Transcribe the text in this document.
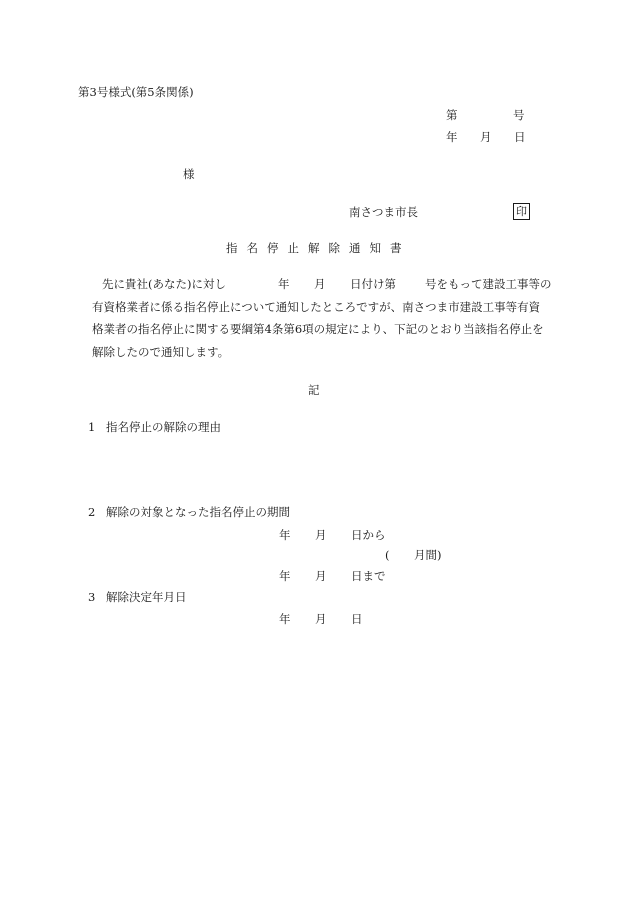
第3号様式(第5条関係)
第	号
年 月 日
様
南さつま市長	印
指名停止解除通知書
先に貴社(あなた)に対し	年 月 日付け第	号をもって建設工事等の
有資格業者に係る指名停止について通知したところですが、南さつま市建設工事等有資
格業者の指名停止に関する要綱第4条第6項の規定により、下記のとおり当該指名停止を
解除したので通知します。
記
1 指名停止の解除の理由
2 解除の対象となった指名停止の期間
年 月 日から
( 月間)
年 月 日まで
3 解除決定年月日
年 月 日
